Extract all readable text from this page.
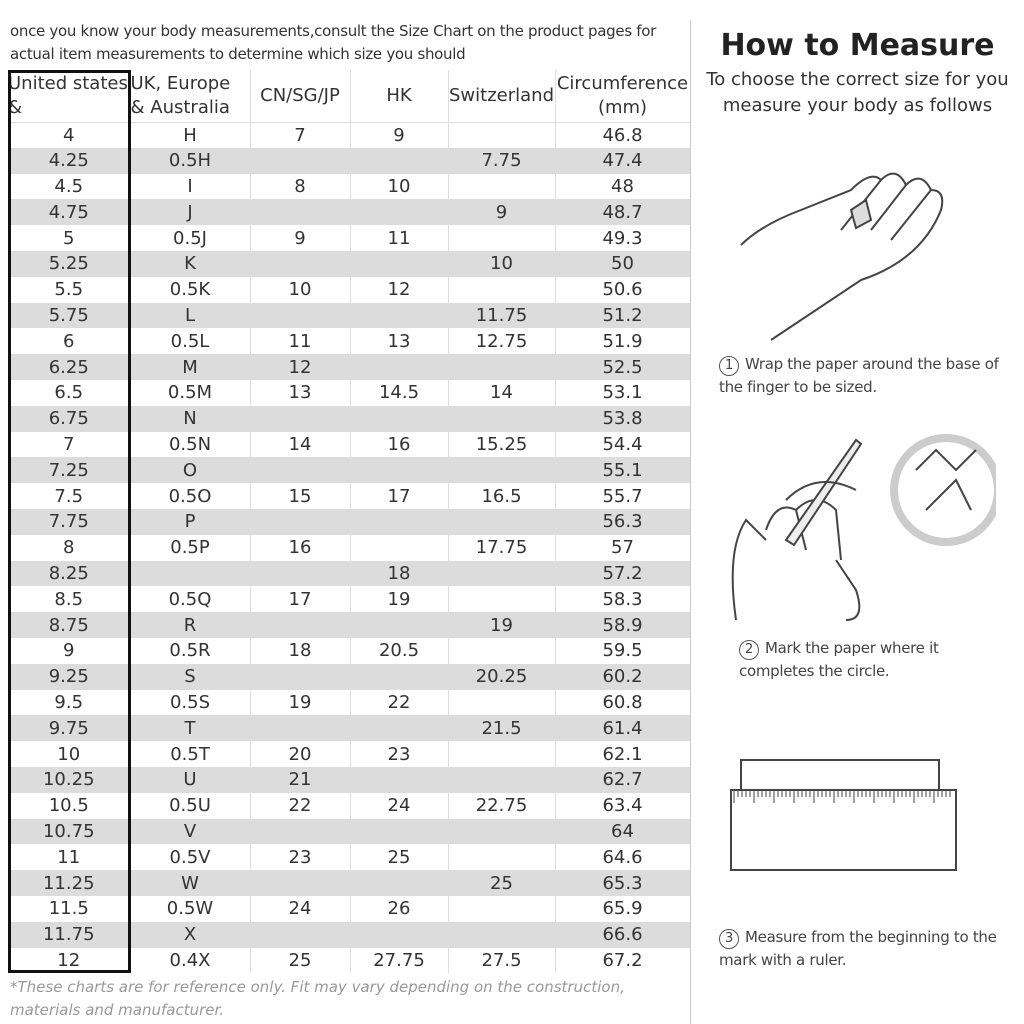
once you know your body measurements,consult the Size Chart on the product pages for actual item measurements to determine which size you should
United states &	UK, Europe & Australia	CN/SG/JP	HK	Switzerland	Circumference(mm)
4	H	7	9		46.8
4.25	0.5H			7.75	47.4
4.5	I	8	10		48
4.75	J			9	48.7
5	0.5J	9	11		49.3
5.25	K			10	50
5.5	0.5K	10	12		50.6
5.75	L			11.75	51.2
6	0.5L	11	13	12.75	51.9
6.25	M	12			52.5
6.5	0.5M	13	14.5	14	53.1
6.75	N				53.8
7	0.5N	14	16	15.25	54.4
7.25	O				55.1
7.5	0.5O	15	17	16.5	55.7
7.75	P				56.3
8	0.5P	16		17.75	57
8.25			18		57.2
8.5	0.5Q	17	19		58.3
8.75	R			19	58.9
9	0.5R	18	20.5		59.5
9.25	S			20.25	60.2
9.5	0.5S	19	22		60.8
9.75	T			21.5	61.4
10	0.5T	20	23		62.1
10.25	U	21			62.7
10.5	0.5U	22	24	22.75	63.4
10.75	V				64
11	0.5V	23	25		64.6
11.25	W			25	65.3
11.5	0.5W	24	26		65.9
11.75	X				66.6
12	0.4X	25	27.75	27.5	67.2
*These charts are for reference only. Fit may vary depending on the construction, materials and manufacturer.
How to Measure
To choose the correct size for you measure your body as follows
1 Wrap the paper around the base of the finger to be sized.
2 Mark the paper where it completes the circle.
3 Measure from the beginning to the mark with a ruler.
